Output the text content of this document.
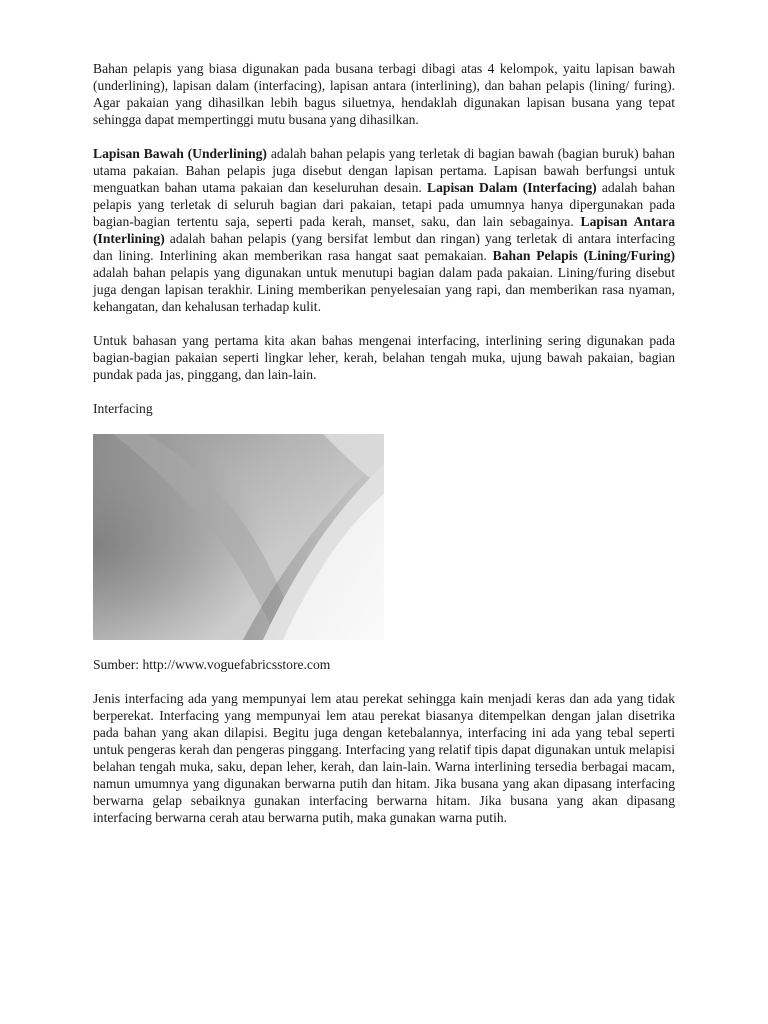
Bahan pelapis yang biasa digunakan pada busana terbagi dibagi atas 4 kelompok, yaitu lapisan bawah (underlining), lapisan dalam (interfacing), lapisan antara (interlining), dan bahan pelapis (lining/ furing). Agar pakaian yang dihasilkan lebih bagus siluetnya, hendaklah digunakan lapisan busana yang tepat sehingga dapat mempertinggi mutu busana yang dihasilkan.

Lapisan Bawah (Underlining) adalah bahan pelapis yang terletak di bagian bawah (bagian buruk) bahan utama pakaian. Bahan pelapis juga disebut dengan lapisan pertama. Lapisan bawah berfungsi untuk menguatkan bahan utama pakaian dan keseluruhan desain. Lapisan Dalam (Interfacing) adalah bahan pelapis yang terletak di seluruh bagian dari pakaian, tetapi pada umumnya hanya dipergunakan pada bagian-bagian tertentu saja, seperti pada kerah, manset, saku, dan lain sebagainya. Lapisan Antara (Interlining) adalah bahan pelapis (yang bersifat lembut dan ringan) yang terletak di antara interfacing dan lining. Interlining akan memberikan rasa hangat saat pemakaian. Bahan Pelapis (Lining/Furing) adalah bahan pelapis yang digunakan untuk menutupi bagian dalam pada pakaian. Lining/furing disebut juga dengan lapisan terakhir. Lining memberikan penyelesaian yang rapi, dan memberikan rasa nyaman, kehangatan, dan kehalusan terhadap kulit.

Untuk bahasan yang pertama kita akan bahas mengenai interfacing, interlining sering digunakan pada bagian-bagian pakaian seperti lingkar leher, kerah, belahan tengah muka, ujung bawah pakaian, bagian pundak pada jas, pinggang, dan lain-lain.

Interfacing

Sumber: http://www.voguefabricsstore.com

Jenis interfacing ada yang mempunyai lem atau perekat sehingga kain menjadi keras dan ada yang tidak berperekat. Interfacing yang mempunyai lem atau perekat biasanya ditempelkan dengan jalan disetrika pada bahan yang akan dilapisi. Begitu juga dengan ketebalannya, interfacing ini ada yang tebal seperti untuk pengeras kerah dan pengeras pinggang. Interfacing yang relatif tipis dapat digunakan untuk melapisi belahan tengah muka, saku, depan leher, kerah, dan lain-lain. Warna interlining tersedia berbagai macam, namun umumnya yang digunakan berwarna putih dan hitam. Jika busana yang akan dipasang interfacing berwarna gelap sebaiknya gunakan interfacing berwarna hitam. Jika busana yang akan dipasang interfacing berwarna cerah atau berwarna putih, maka gunakan warna putih.
